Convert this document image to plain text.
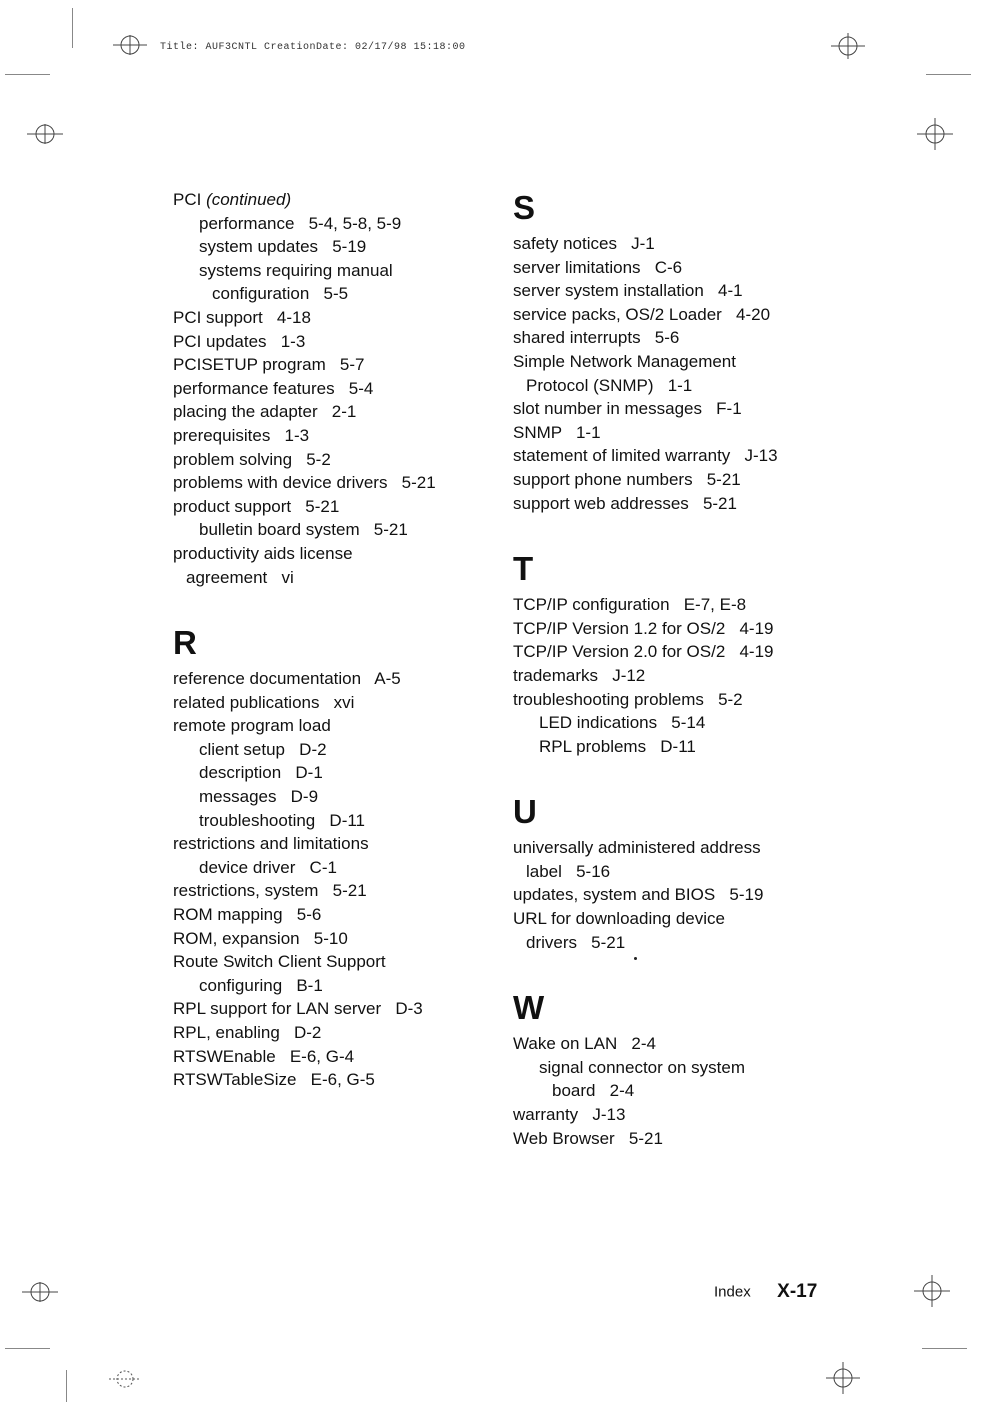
Title: AUF3CNTL CreationDate: 02/17/98 15:18:00
PCI (continued)
performance   5-4, 5-8, 5-9
system updates   5-19
systems requiring manual
configuration   5-5
PCI support   4-18
PCI updates   1-3
PCISETUP program   5-7
performance features   5-4
placing the adapter   2-1
prerequisites   1-3
problem solving   5-2
problems with device drivers   5-21
product support   5-21
bulletin board system   5-21
productivity aids license
agreement   vi
R
reference documentation   A-5
related publications   xvi
remote program load
client setup   D-2
description   D-1
messages   D-9
troubleshooting   D-11
restrictions and limitations
device driver   C-1
restrictions, system   5-21
ROM mapping   5-6
ROM, expansion   5-10
Route Switch Client Support
configuring   B-1
RPL support for LAN server   D-3
RPL, enabling   D-2
RTSWEnable   E-6, G-4
RTSWTableSize   E-6, G-5
S
safety notices   J-1
server limitations   C-6
server system installation   4-1
service packs, OS/2 Loader   4-20
shared interrupts   5-6
Simple Network Management
Protocol (SNMP)   1-1
slot number in messages   F-1
SNMP   1-1
statement of limited warranty   J-13
support phone numbers   5-21
support web addresses   5-21
T
TCP/IP configuration   E-7, E-8
TCP/IP Version 1.2 for OS/2   4-19
TCP/IP Version 2.0 for OS/2   4-19
trademarks   J-12
troubleshooting problems   5-2
LED indications   5-14
RPL problems   D-11
U
universally administered address
label   5-16
updates, system and BIOS   5-19
URL for downloading device
drivers   5-21
W
Wake on LAN   2-4
signal connector on system
board   2-4
warranty   J-13
Web Browser   5-21
Index X-17
